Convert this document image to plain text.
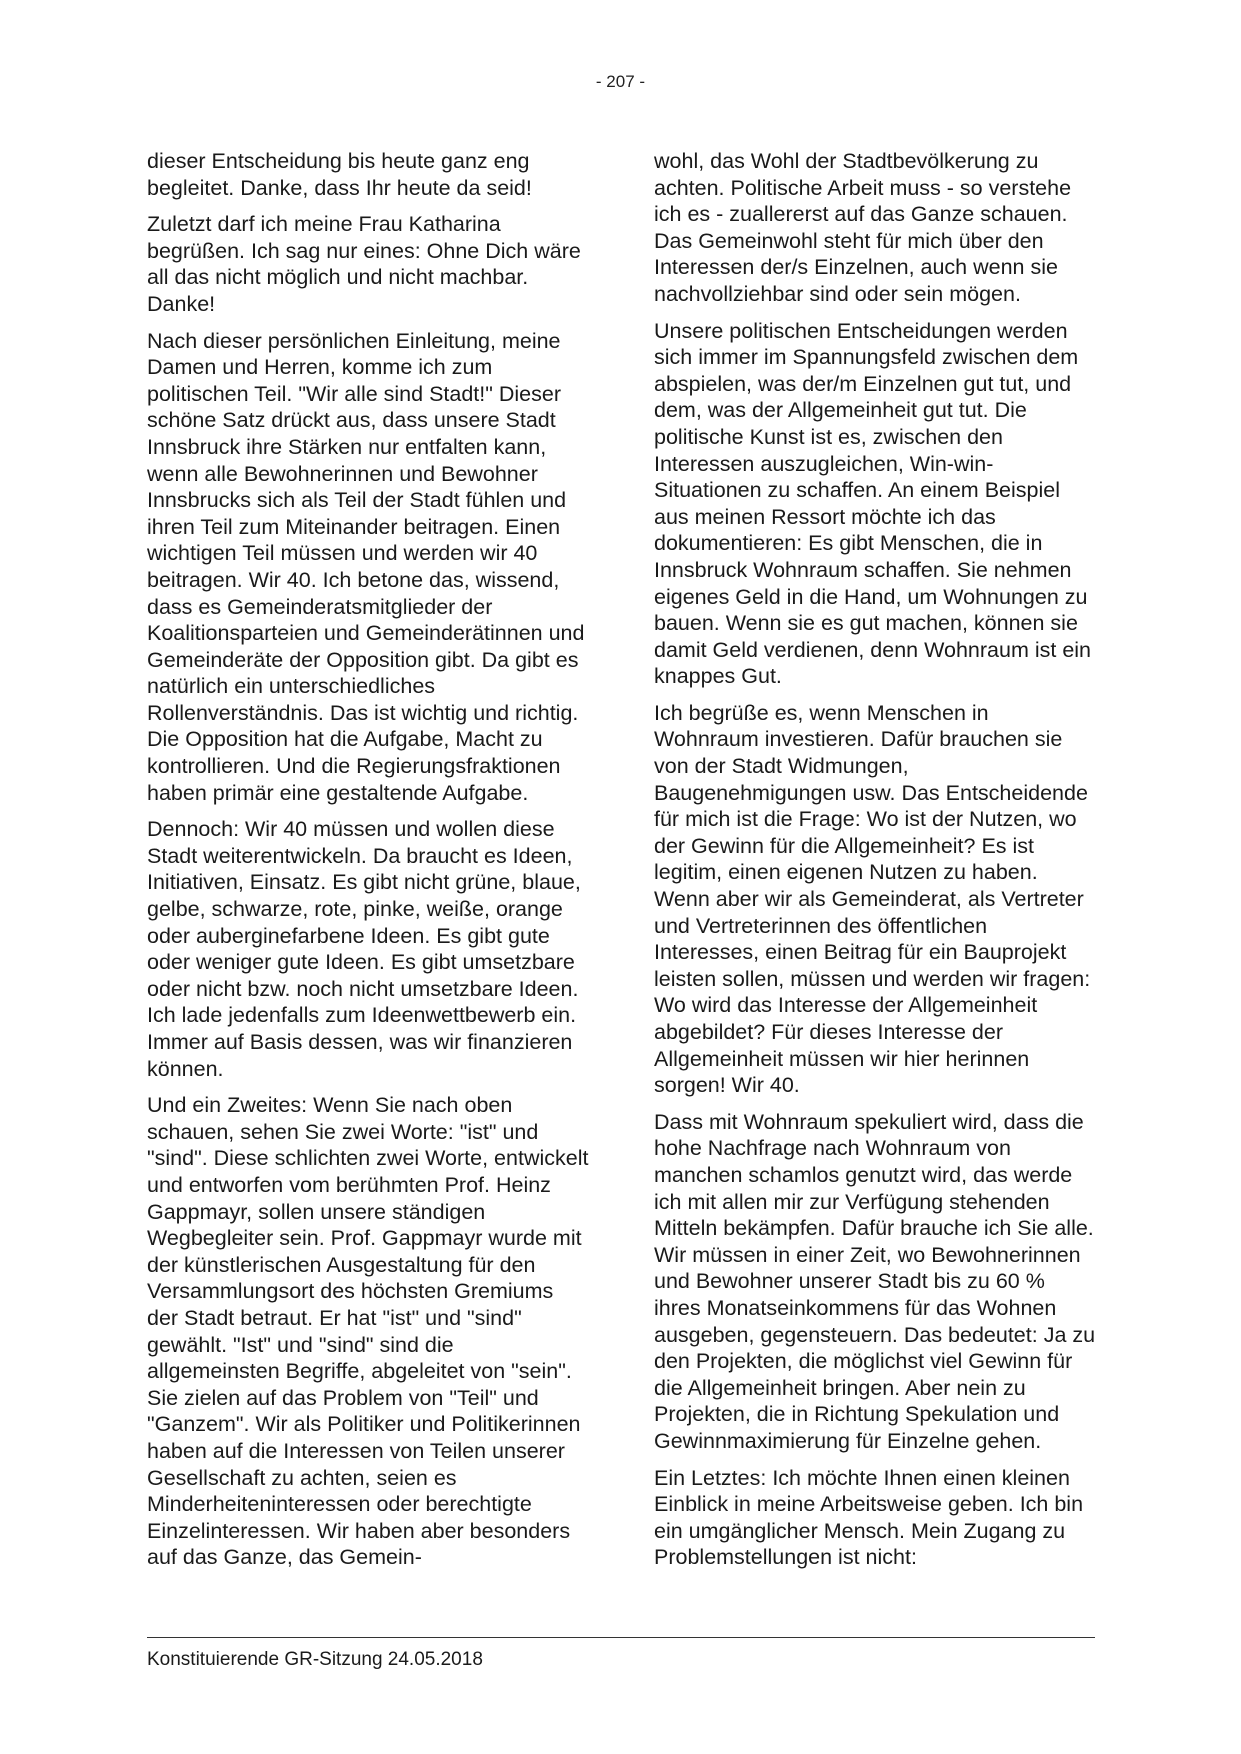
- 207 -

dieser Entscheidung bis heute ganz eng begleitet. Danke, dass Ihr heute da seid!

Zuletzt darf ich meine Frau Katharina begrüßen. Ich sag nur eines: Ohne Dich wäre all das nicht möglich und nicht machbar. Danke!

Nach dieser persönlichen Einleitung, meine Damen und Herren, komme ich zum politischen Teil. "Wir alle sind Stadt!" Dieser schöne Satz drückt aus, dass unsere Stadt Innsbruck ihre Stärken nur entfalten kann, wenn alle Bewohnerinnen und Bewohner Innsbrucks sich als Teil der Stadt fühlen und ihren Teil zum Miteinander beitragen. Einen wichtigen Teil müssen und werden wir 40 beitragen. Wir 40. Ich betone das, wissend, dass es Gemeinderatsmitglieder der Koalitionsparteien und Gemeinderätinnen und Gemeinderäte der Opposition gibt. Da gibt es natürlich ein unterschiedliches Rollenverständnis. Das ist wichtig und richtig. Die Opposition hat die Aufgabe, Macht zu kontrollieren. Und die Regierungsfraktionen haben primär eine gestaltende Aufgabe.

Dennoch: Wir 40 müssen und wollen diese Stadt weiterentwickeln. Da braucht es Ideen, Initiativen, Einsatz. Es gibt nicht grüne, blaue, gelbe, schwarze, rote, pinke, weiße, orange oder auberginefarbene Ideen. Es gibt gute oder weniger gute Ideen. Es gibt umsetzbare oder nicht bzw. noch nicht umsetzbare Ideen. Ich lade jedenfalls zum Ideenwettbewerb ein. Immer auf Basis dessen, was wir finanzieren können.

Und ein Zweites: Wenn Sie nach oben schauen, sehen Sie zwei Worte: "ist" und "sind". Diese schlichten zwei Worte, entwickelt und entworfen vom berühmten Prof. Heinz Gappmayr, sollen unsere ständigen Wegbegleiter sein. Prof. Gappmayr wurde mit der künstlerischen Ausgestaltung für den Versammlungsort des höchsten Gremiums der Stadt betraut. Er hat "ist" und "sind" gewählt. "Ist" und "sind" sind die allgemeinsten Begriffe, abgeleitet von "sein". Sie zielen auf das Problem von "Teil" und "Ganzem". Wir als Politiker und Politikerinnen haben auf die Interessen von Teilen unserer Gesellschaft zu achten, seien es Minderheiteninteressen oder berechtigte Einzelinteressen. Wir haben aber besonders auf das Ganze, das Gemein-

wohl, das Wohl der Stadtbevölkerung zu achten. Politische Arbeit muss - so verstehe ich es - zuallererst auf das Ganze schauen. Das Gemeinwohl steht für mich über den Interessen der/s Einzelnen, auch wenn sie nachvollziehbar sind oder sein mögen.

Unsere politischen Entscheidungen werden sich immer im Spannungsfeld zwischen dem abspielen, was der/m Einzelnen gut tut, und dem, was der Allgemeinheit gut tut. Die politische Kunst ist es, zwischen den Interessen auszugleichen, Win-win-Situationen zu schaffen. An einem Beispiel aus meinen Ressort möchte ich das dokumentieren: Es gibt Menschen, die in Innsbruck Wohnraum schaffen. Sie nehmen eigenes Geld in die Hand, um Wohnungen zu bauen. Wenn sie es gut machen, können sie damit Geld verdienen, denn Wohnraum ist ein knappes Gut.

Ich begrüße es, wenn Menschen in Wohnraum investieren. Dafür brauchen sie von der Stadt Widmungen, Baugenehmigungen usw. Das Entscheidende für mich ist die Frage: Wo ist der Nutzen, wo der Gewinn für die Allgemeinheit? Es ist legitim, einen eigenen Nutzen zu haben. Wenn aber wir als Gemeinderat, als Vertreter und Vertreterinnen des öffentlichen Interesses, einen Beitrag für ein Bauprojekt leisten sollen, müssen und werden wir fragen: Wo wird das Interesse der Allgemeinheit abgebildet? Für dieses Interesse der Allgemeinheit müssen wir hier herinnen sorgen! Wir 40.

Dass mit Wohnraum spekuliert wird, dass die hohe Nachfrage nach Wohnraum von manchen schamlos genutzt wird, das werde ich mit allen mir zur Verfügung stehenden Mitteln bekämpfen. Dafür brauche ich Sie alle. Wir müssen in einer Zeit, wo Bewohnerinnen und Bewohner unserer Stadt bis zu 60 % ihres Monatseinkommens für das Wohnen ausgeben, gegensteuern. Das bedeutet: Ja zu den Projekten, die möglichst viel Gewinn für die Allgemeinheit bringen. Aber nein zu Projekten, die in Richtung Spekulation und Gewinnmaximierung für Einzelne gehen.

Ein Letztes: Ich möchte Ihnen einen kleinen Einblick in meine Arbeitsweise geben. Ich bin ein umgänglicher Mensch. Mein Zugang zu Problemstellungen ist nicht:

Konstituierende GR-Sitzung 24.05.2018
